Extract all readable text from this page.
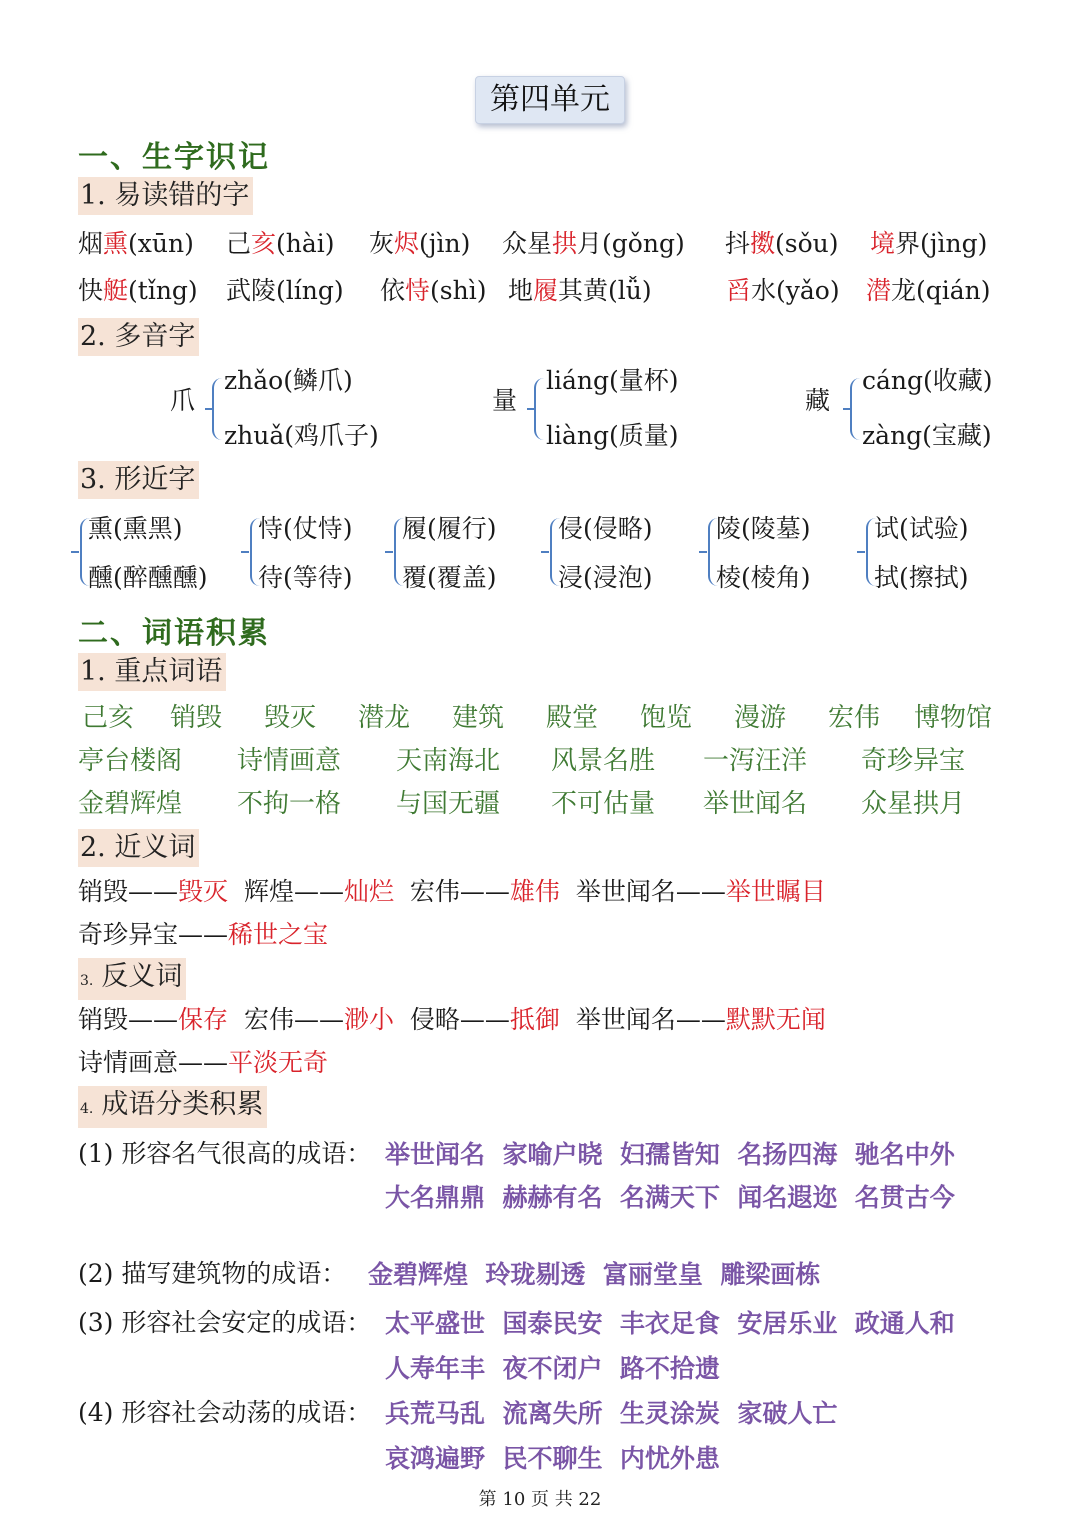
第四单元
一、生字识记
1. 易读错的字
烟熏(xūn) 己亥(hài) 灰烬(jìn) 众星拱月(gǒng) 抖擞(sǒu) 境界(jìng)
快艇(tǐng) 武陵(líng) 依恃(shì) 地履其黄(lǚ)	舀水(yǎo) 潜龙(qián)
2. 多音字
爪
zhǎo(鳞爪)
zhuǎ(鸡爪子)
量
liáng(量杯)
liàng(质量)
藏
cáng(收藏)
zàng(宝藏)
3. 形近字
熏(熏黑)
醺(醉醺醺)
恃(仗恃)
待(等待)
履(履行)
覆(覆盖)
侵(侵略)
浸(浸泡)
陵(陵墓)
棱(棱角)
试(试验)
拭(擦拭)
二、词语积累
1. 重点词语
己亥 销毁 毁灭 潜龙 建筑 殿堂 饱览 漫游 宏伟 博物馆
亭台楼阁 诗情画意 天南海北 风景名胜 一泻汪洋 奇珍异宝
金碧辉煌 不拘一格 与国无疆 不可估量 举世闻名 众星拱月
2. 近义词
销毁——毁灭 辉煌——灿烂 宏伟——雄伟 举世闻名——举世瞩目
奇珍异宝——稀世之宝
3. 反义词
销毁——保存 宏伟——渺小 侵略——抵御 举世闻名——默默无闻
诗情画意——平淡无奇
4. 成语分类积累
(1) 形容名气很高的成语： 举世闻名 家喻户晓 妇孺皆知 名扬四海 驰名中外
大名鼎鼎 赫赫有名 名满天下 闻名遐迩 名贯古今
(2) 描写建筑物的成语： 金碧辉煌 玲珑剔透 富丽堂皇 雕梁画栋
(3) 形容社会安定的成语： 太平盛世 国泰民安 丰衣足食 安居乐业 政通人和
人寿年丰 夜不闭户 路不拾遗
(4) 形容社会动荡的成语： 兵荒马乱 流离失所 生灵涂炭 家破人亡
哀鸿遍野 民不聊生 内忧外患
第 10 页 共 22
